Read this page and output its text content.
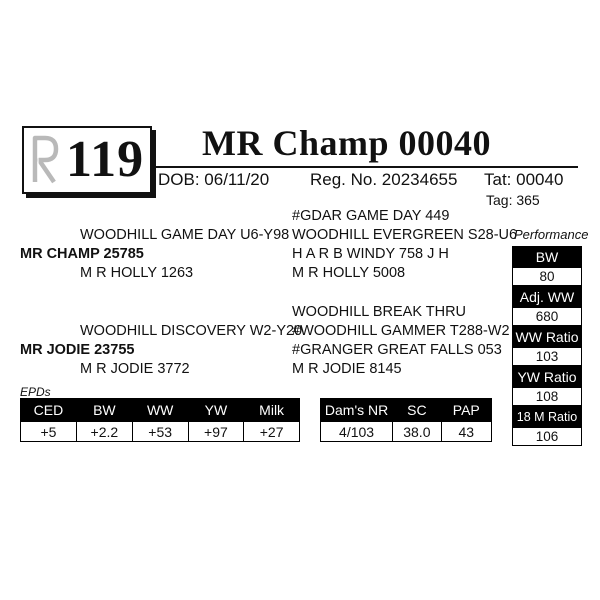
119 MR Champ 00040
DOB: 06/11/20 Reg. No. 20234655 Tat: 00040
Tag: 365
#GDAR GAME DAY 449
WOODHILL GAME DAY U6-Y98 WOODHILL EVERGREEN S28-U6
MR CHAMP 25785	H A R B WINDY 758 J H
M R HOLLY 1263	M R HOLLY 5008
WOODHILL BREAK THRU
WOODHILL DISCOVERY W2-Y20
#WOODHILL GAMMER T288-W2
MR JODIE 23755	#GRANGER GREAT FALLS 053
M R JODIE 3772	M R JODIE 8145
Performance
BW
80
Adj. WW
680
WW Ratio
103
YW Ratio
108
18 M Ratio
106
EPDs
CED	BW	WW	YW	Milk
+5	+2.2	+53	+97	+27
Dam's NR	SC	PAP
4/103	38.0	43
